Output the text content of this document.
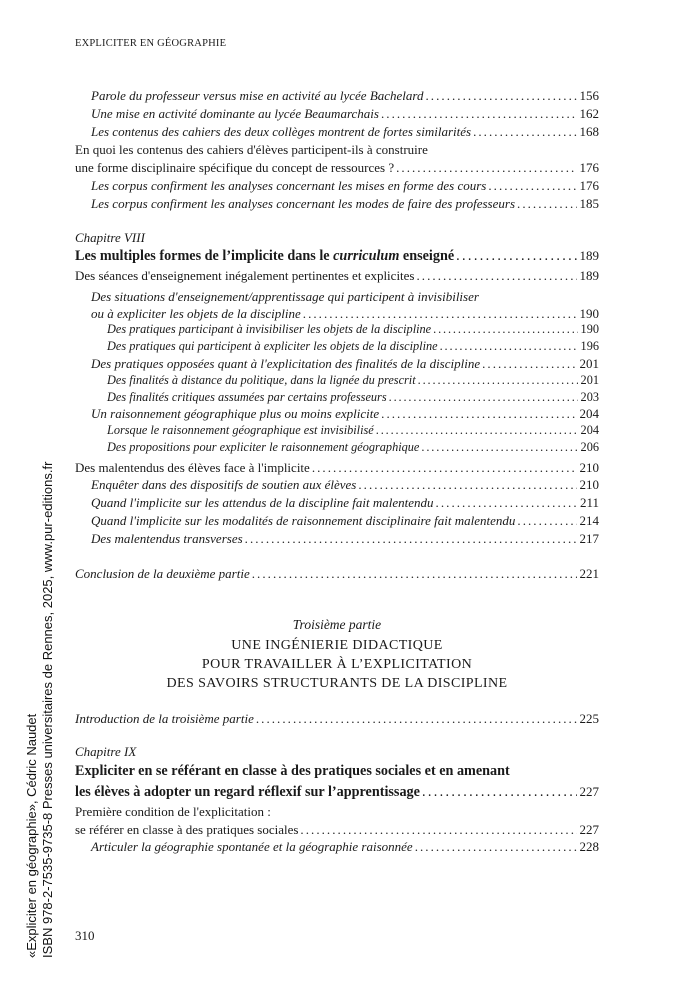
EXPLICITER EN GÉOGRAPHIE
Parole du professeur versus mise en activité au lycée Bachelard . . .	156
Une mise en activité dominante au lycée Beaumarchais . . .	162
Les contenus des cahiers des deux collèges montrent de fortes similarités . . .	168
En quoi les contenus des cahiers d'élèves participent-ils à construire
une forme disciplinaire spécifique du concept de ressources ? . . .	176
Les corpus confirment les analyses concernant les mises en forme des cours . . .	176
Les corpus confirment les analyses concernant les modes de faire des professeurs . . .	185
Chapitre VIII
Les multiples formes de l’implicite dans le curriculum enseigné . . .	189
Des séances d'enseignement inégalement pertinentes et explicites . . .	189
Des situations d'enseignement/apprentissage qui participent à invisibiliser
ou à expliciter les objets de la discipline . . .	190
Des pratiques participant à invisibiliser les objets de la discipline . . .	190
Des pratiques qui participent à expliciter les objets de la discipline . . .	196
Des pratiques opposées quant à l'explicitation des finalités de la discipline . . .	201
Des finalités à distance du politique, dans la lignée du prescrit . . .	201
Des finalités critiques assumées par certains professeurs . . .	203
Un raisonnement géographique plus ou moins explicite . . .	204
Lorsque le raisonnement géographique est invisibilisé . . .	204
Des propositions pour expliciter le raisonnement géographique . . .	206
Des malentendus des élèves face à l'implicite . . .	210
Enquêter dans des dispositifs de soutien aux élèves . . .	210
Quand l'implicite sur les attendus de la discipline fait malentendu . . .	211
Quand l'implicite sur les modalités de raisonnement disciplinaire fait malentendu . . .	214
Des malentendus transverses . . .	217
Conclusion de la deuxième partie . . .	221
Troisième partie
UNE INGÉNIERIE DIDACTIQUE
POUR TRAVAILLER À L’EXPLICITATION
DES SAVOIRS STRUCTURANTS DE LA DISCIPLINE
Introduction de la troisième partie . . .	225
Chapitre IX
Expliciter en se référant en classe à des pratiques sociales et en amenant
les élèves à adopter un regard réflexif sur l’apprentissage . . .	227
Première condition de l'explicitation :
se référer en classe à des pratiques sociales . . .	227
Articuler la géographie spontanée et la géographie raisonnée . . .	228
310
«Expliciter en géographie», Cédric Naudet ISBN 978-2-7535-9735-8 Presses universitaires de Rennes, 2025, www.pur-editions.fr
